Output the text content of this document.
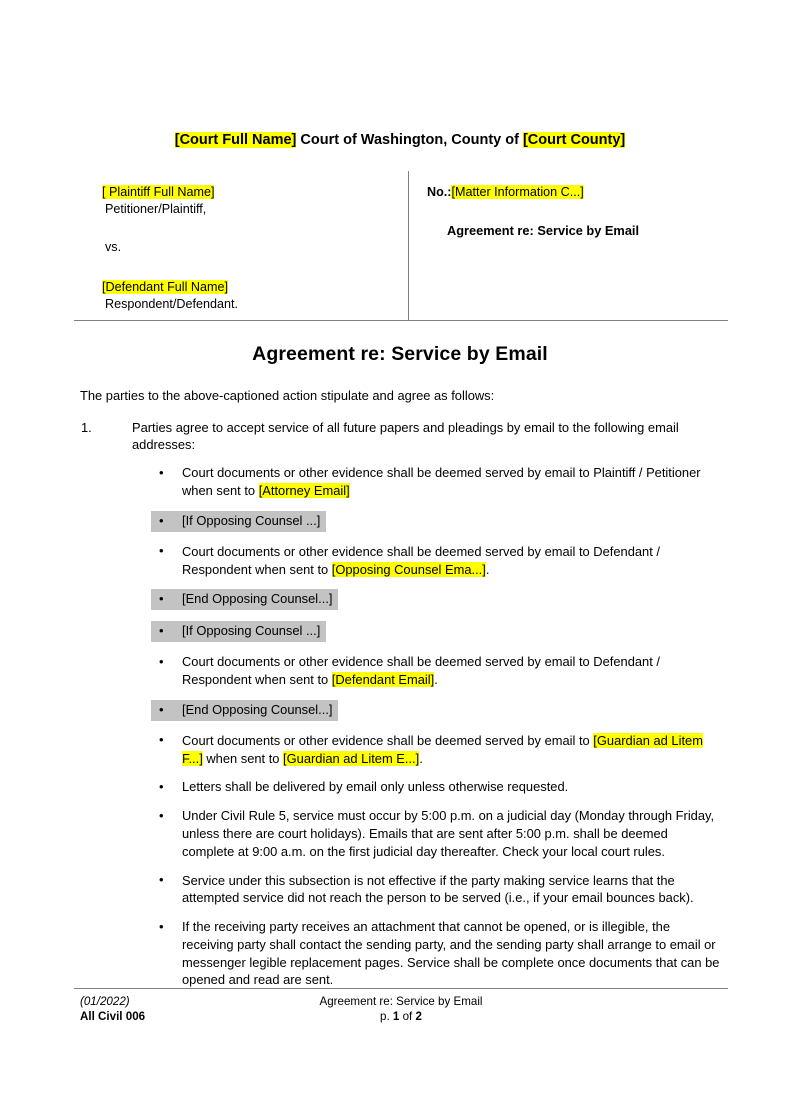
[Court Full Name] Court of Washington, County of [Court County]
[ Plaintiff Full Name]
Petitioner/Plaintiff,
vs.
[Defendant Full Name]
Respondent/Defendant.
No.:[Matter Information C...]
Agreement re: Service by Email
Agreement re: Service by Email
The parties to the above-captioned action stipulate and agree as follows:
1.	Parties agree to accept service of all future papers and pleadings by email to the following email addresses:
• Court documents or other evidence shall be deemed served by email to Plaintiff / Petitioner when sent to [Attorney Email]
• [If Opposing Counsel ...]
• Court documents or other evidence shall be deemed served by email to Defendant / Respondent when sent to [Opposing Counsel Ema...].
• [End Opposing Counsel...]
• [If Opposing Counsel ...]
• Court documents or other evidence shall be deemed served by email to Defendant / Respondent when sent to [Defendant Email].
• [End Opposing Counsel...]
• Court documents or other evidence shall be deemed served by email to [Guardian ad Litem F...] when sent to [Guardian ad Litem E...].
• Letters shall be delivered by email only unless otherwise requested.
• Under Civil Rule 5, service must occur by 5:00 p.m. on a judicial day (Monday through Friday, unless there are court holidays). Emails that are sent after 5:00 p.m. shall be deemed complete at 9:00 a.m. on the first judicial day thereafter. Check your local court rules.
• Service under this subsection is not effective if the party making service learns that the attempted service did not reach the person to be served (i.e., if your email bounces back).
• If the receiving party receives an attachment that cannot be opened, or is illegible, the receiving party shall contact the sending party, and the sending party shall arrange to email or messenger legible replacement pages. Service shall be complete once documents that can be opened and read are sent.
(01/2022)	Agreement re: Service by Email
All Civil 006	p. 1 of 2
